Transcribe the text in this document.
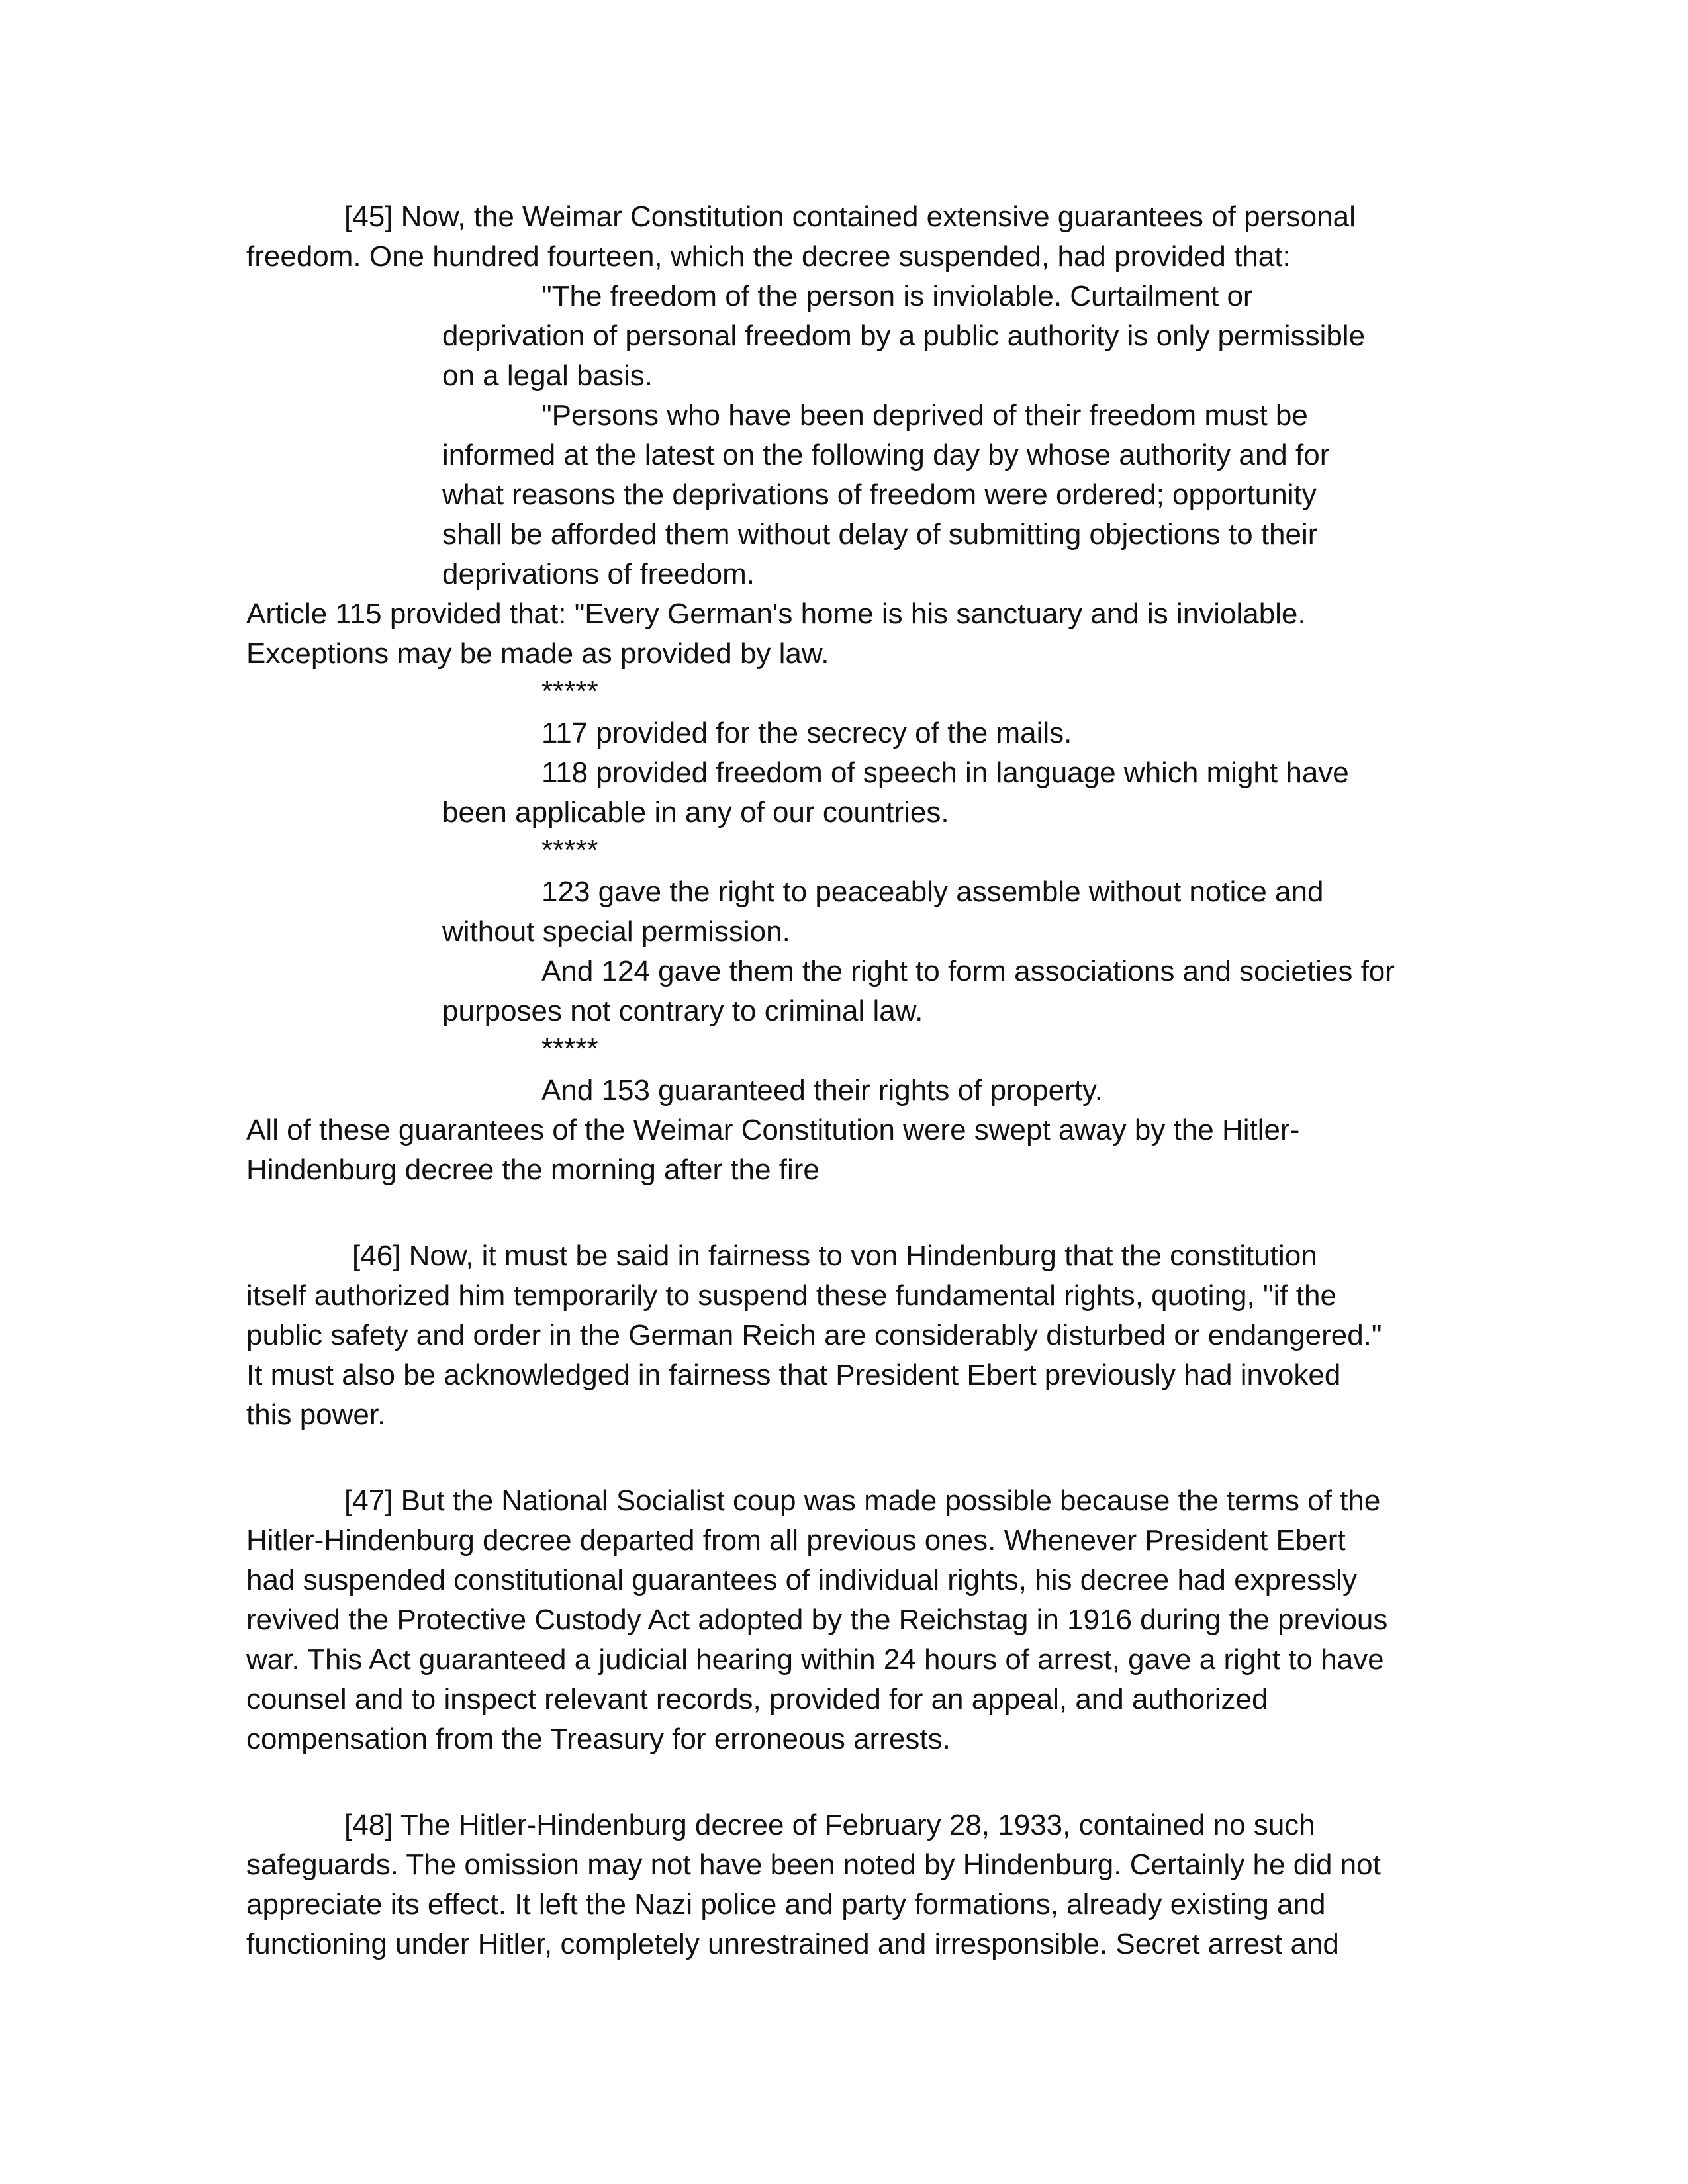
[45] Now, the Weimar Constitution contained extensive guarantees of personal
freedom. One hundred fourteen, which the decree suspended, had provided that:
"The freedom of the person is inviolable. Curtailment or
deprivation of personal freedom by a public authority is only permissible
on a legal basis.
"Persons who have been deprived of their freedom must be
informed at the latest on the following day by whose authority and for
what reasons the deprivations of freedom were ordered; opportunity
shall be afforded them without delay of submitting objections to their
deprivations of freedom.
Article 115 provided that: "Every German's home is his sanctuary and is inviolable.
Exceptions may be made as provided by law.
*****
117 provided for the secrecy of the mails.
118 provided freedom of speech in language which might have
been applicable in any of our countries.
*****
123 gave the right to peaceably assemble without notice and
without special permission.
And 124 gave them the right to form associations and societies for
purposes not contrary to criminal law.
*****
And 153 guaranteed their rights of property.
All of these guarantees of the Weimar Constitution were swept away by the Hitler-
Hindenburg decree the morning after the fire
[46] Now, it must be said in fairness to von Hindenburg that the constitution
itself authorized him temporarily to suspend these fundamental rights, quoting, "if the
public safety and order in the German Reich are considerably disturbed or endangered."
It must also be acknowledged in fairness that President Ebert previously had invoked
this power.
[47] But the National Socialist coup was made possible because the terms of the
Hitler-Hindenburg decree departed from all previous ones. Whenever President Ebert
had suspended constitutional guarantees of individual rights, his decree had expressly
revived the Protective Custody Act adopted by the Reichstag in 1916 during the previous
war. This Act guaranteed a judicial hearing within 24 hours of arrest, gave a right to have
counsel and to inspect relevant records, provided for an appeal, and authorized
compensation from the Treasury for erroneous arrests.
[48] The Hitler-Hindenburg decree of February 28, 1933, contained no such
safeguards. The omission may not have been noted by Hindenburg. Certainly he did not
appreciate its effect. It left the Nazi police and party formations, already existing and
functioning under Hitler, completely unrestrained and irresponsible. Secret arrest and
